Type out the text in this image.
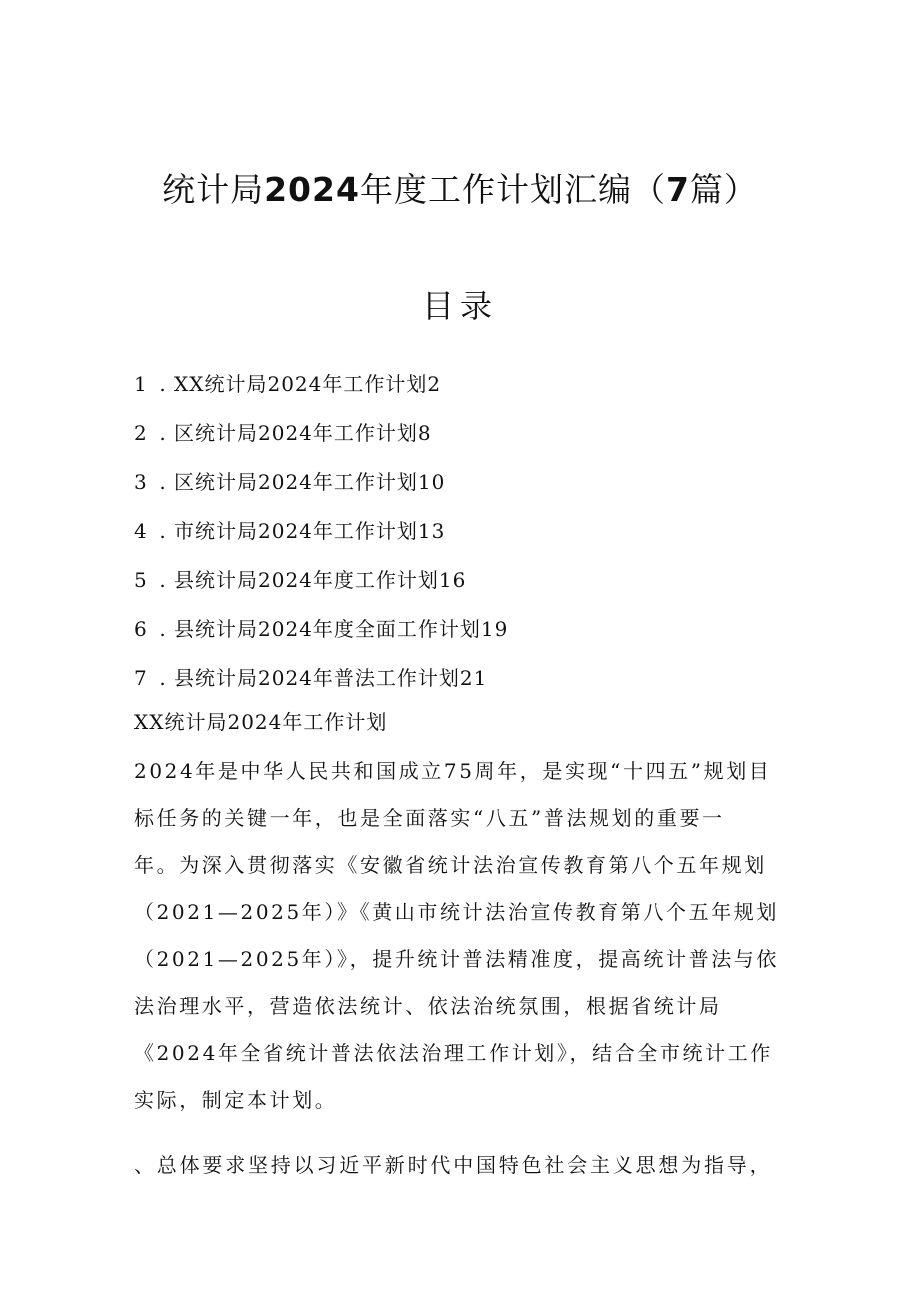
统计局2024年度工作计划汇编（7篇）
目录
1 . XX统计局2024年工作计划2
2 . 区统计局2024年工作计划8
3 . 区统计局2024年工作计划10
4 . 市统计局2024年工作计划13
5 . 县统计局2024年度工作计划16
6 . 县统计局2024年度全面工作计划19
7 . 县统计局2024年普法工作计划21
XX统计局2024年工作计划

2024年是中华人民共和国成立75周年，是实现“十四五”规划目
标任务的关键一年，也是全面落实“八五”普法规划的重要一
年。为深入贯彻落实《安徽省统计法治宣传教育第八个五年规划
（2021—2025年）》《黄山市统计法治宣传教育第八个五年规划
（2021—2025年）》，提升统计普法精准度，提高统计普法与依
法治理水平，营造依法统计、依法治统氛围，根据省统计局
《2024年全省统计普法依法治理工作计划》，结合全市统计工作
实际，制定本计划。

、总体要求坚持以习近平新时代中国特色社会主义思想为指导，
